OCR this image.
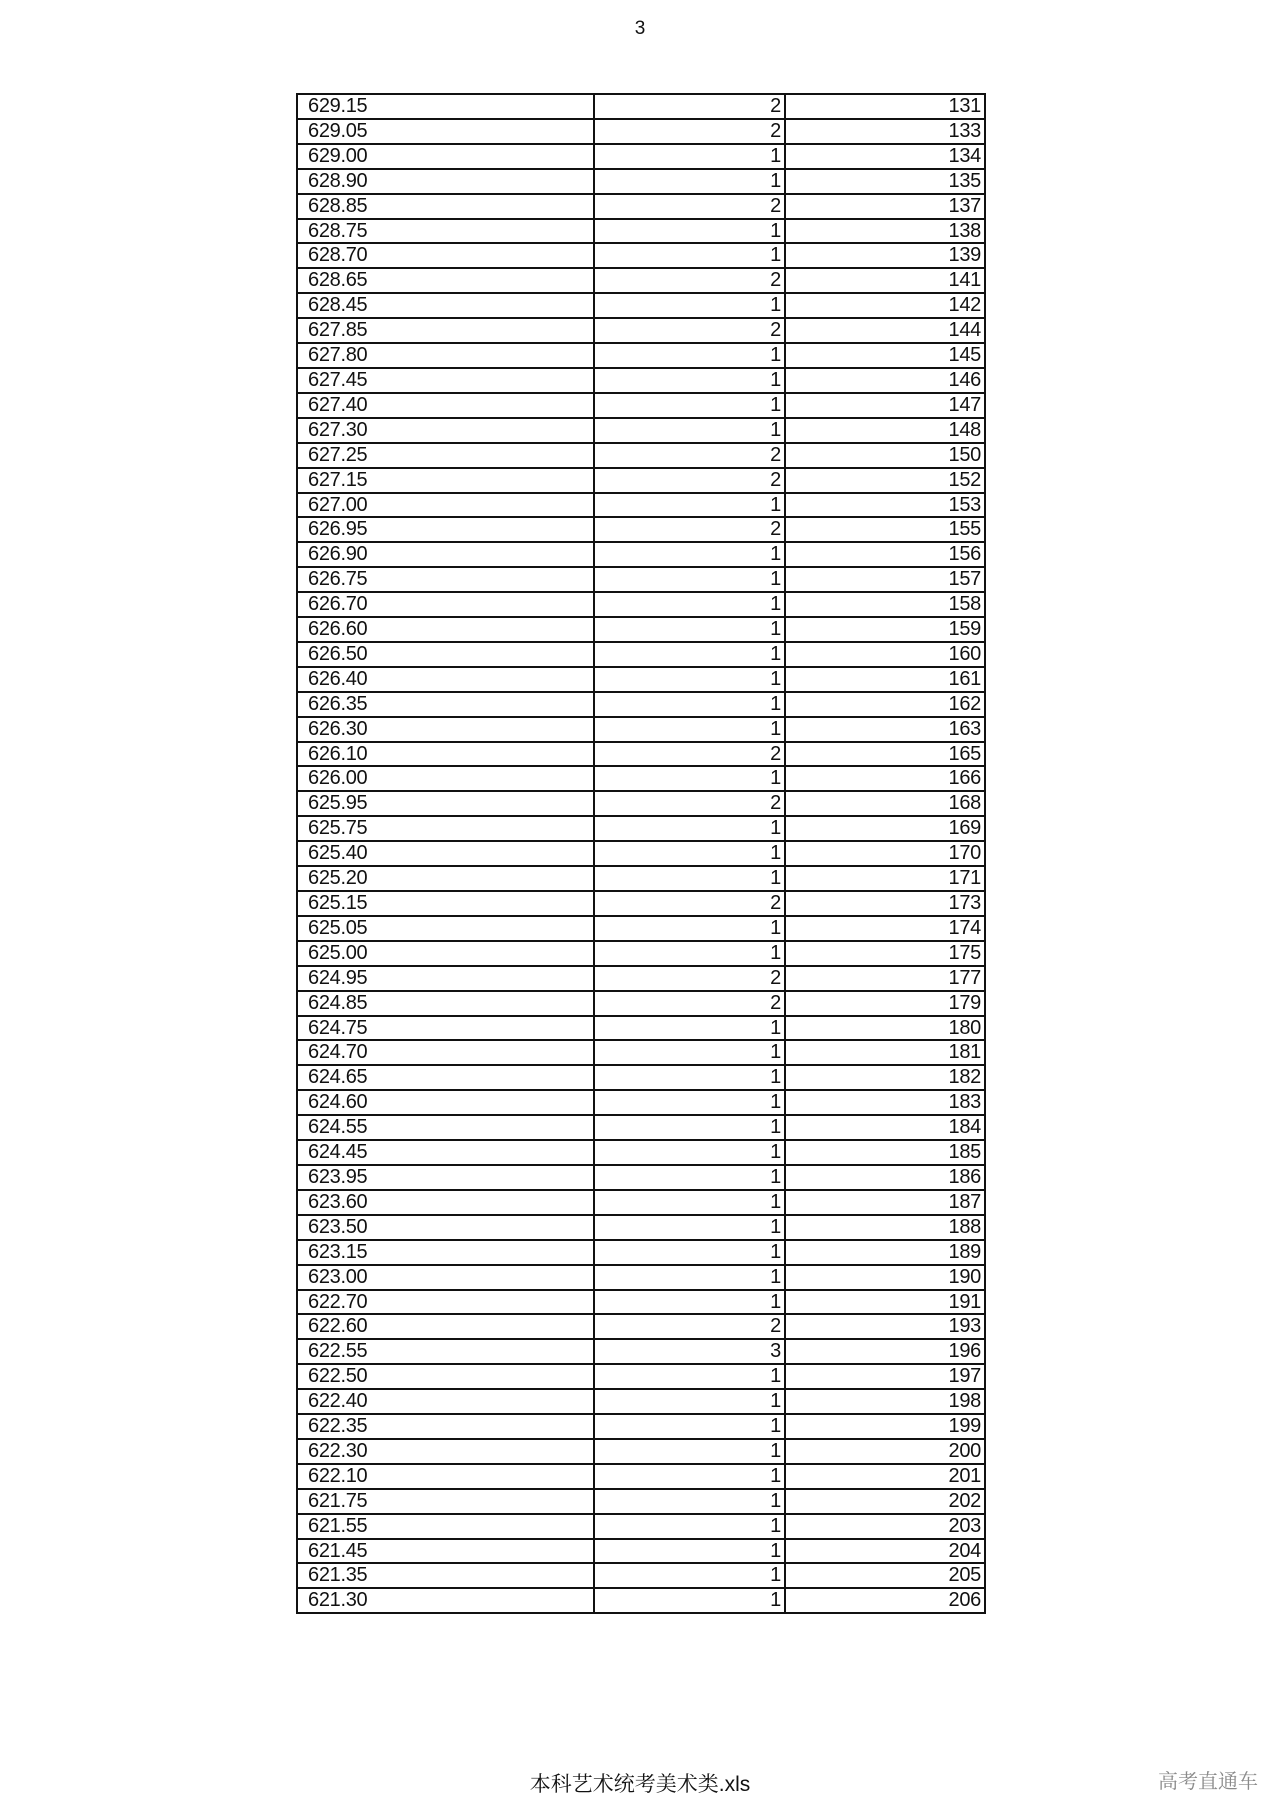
3
629.15	2	131
629.05	2	133
629.00	1	134
628.90	1	135
628.85	2	137
628.75	1	138
628.70	1	139
628.65	2	141
628.45	1	142
627.85	2	144
627.80	1	145
627.45	1	146
627.40	1	147
627.30	1	148
627.25	2	150
627.15	2	152
627.00	1	153
626.95	2	155
626.90	1	156
626.75	1	157
626.70	1	158
626.60	1	159
626.50	1	160
626.40	1	161
626.35	1	162
626.30	1	163
626.10	2	165
626.00	1	166
625.95	2	168
625.75	1	169
625.40	1	170
625.20	1	171
625.15	2	173
625.05	1	174
625.00	1	175
624.95	2	177
624.85	2	179
624.75	1	180
624.70	1	181
624.65	1	182
624.60	1	183
624.55	1	184
624.45	1	185
623.95	1	186
623.60	1	187
623.50	1	188
623.15	1	189
623.00	1	190
622.70	1	191
622.60	2	193
622.55	3	196
622.50	1	197
622.40	1	198
622.35	1	199
622.30	1	200
622.10	1	201
621.75	1	202
621.55	1	203
621.45	1	204
621.35	1	205
621.30	1	206
本科艺术统考美术类.xls	高考直通车
